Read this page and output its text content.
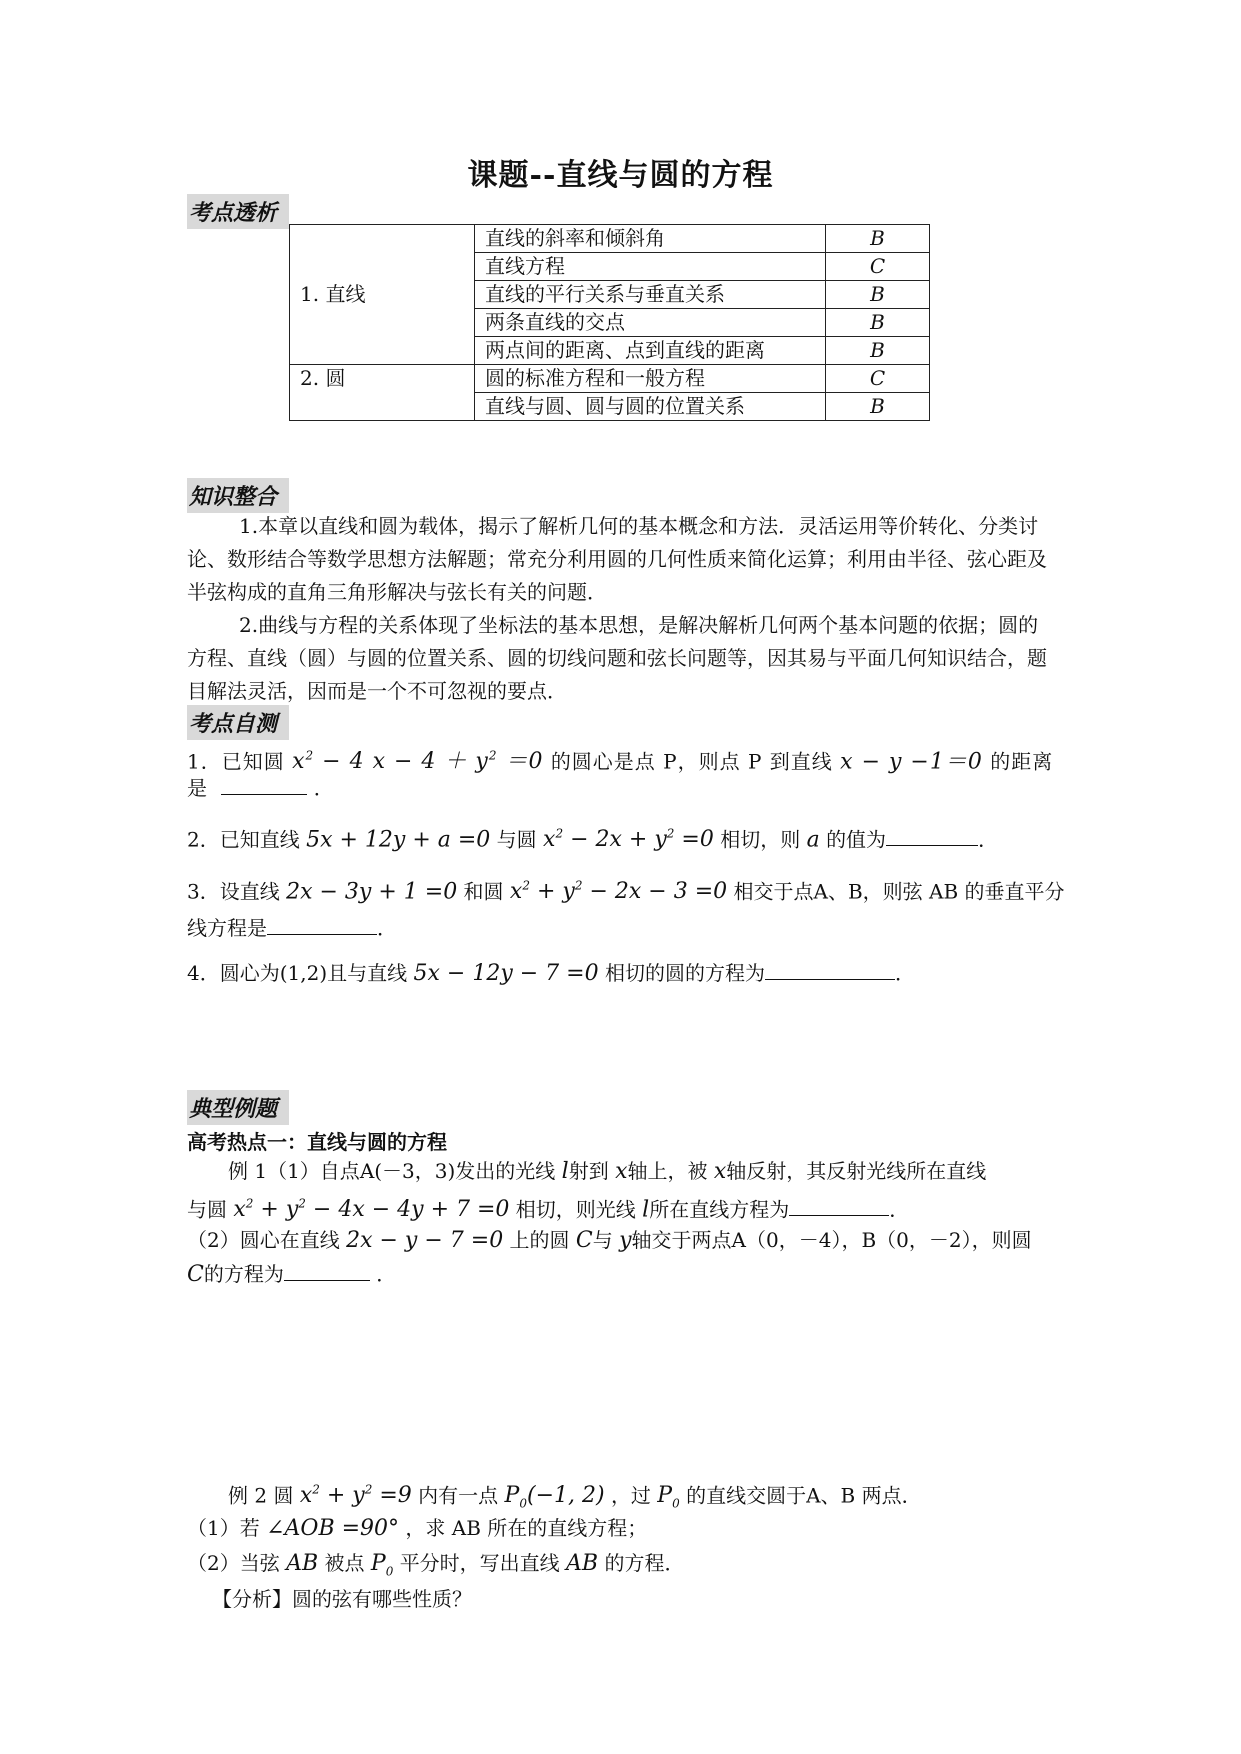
课题--直线与圆的方程
考点透析
1. 直线	直线的斜率和倾斜角	B
	直线方程	C
	直线的平行关系与垂直关系	B
	两条直线的交点	B
	两点间的距离、点到直线的距离	B
2. 圆	圆的标准方程和一般方程	C
	直线与圆、圆与圆的位置关系	B
知识整合
1.本章以直线和圆为载体，揭示了解析几何的基本概念和方法．灵活运用等价转化、分类讨论、数形结合等数学思想方法解题；常充分利用圆的几何性质来简化运算；利用由半径、弦心距及半弦构成的直角三角形解决与弦长有关的问题．
2.曲线与方程的关系体现了坐标法的基本思想，是解决解析几何两个基本问题的依据；圆的方程、直线（圆）与圆的位置关系、圆的切线问题和弦长问题等，因其易与平面几何知识结合，题目解法灵活，因而是一个不可忽视的要点．
考点自测
1．已知圆 $x^2 - 4$ $x - 4 + y^2 =0$ 的圆心是点 P，则点 P 到直线 x − y −1＝0 的距离
是	．
2．已知直线 5x + 12y + a =0 与圆 $x^2 - 2x + y^2 =0$ 相切，则 a 的值为	．
3．设直线 2x − 3y + 1 =0 和圆 $x^2 + y^2 - 2x - 3 =0$ 相交于点A、B，则弦 AB 的垂直平分
线方程是	．
4．圆心为(1,2)且与直线 5x − 12y − 7 =0 相切的圆的方程为	．
典型例题
高考热点一：直线与圆的方程
例 1（1）自点A(－3，3)发出的光线 l射到 x轴上，被 x轴反射，其反射光线所在直线
与圆 $x^2 + y^2 - 4x - 4y + 7 =0$ 相切，则光线 l所在直线方程为	．
（2）圆心在直线 2x − y − 7 =0 上的圆 C与 y轴交于两点A（0，－4），B（0，－2），则圆
C的方程为	．
例 2 圆 $x^2 + y^2 =9$ 内有一点 $P_0(-1$, 2) ，过 $P_0$ 的直线交圆于A、B 两点．
（1）若 ∠AOB =90° ，求 AB 所在的直线方程；
（2）当弦 AB 被点 $P_0$ 平分时，写出直线 AB 的方程．
【分析】圆的弦有哪些性质？
